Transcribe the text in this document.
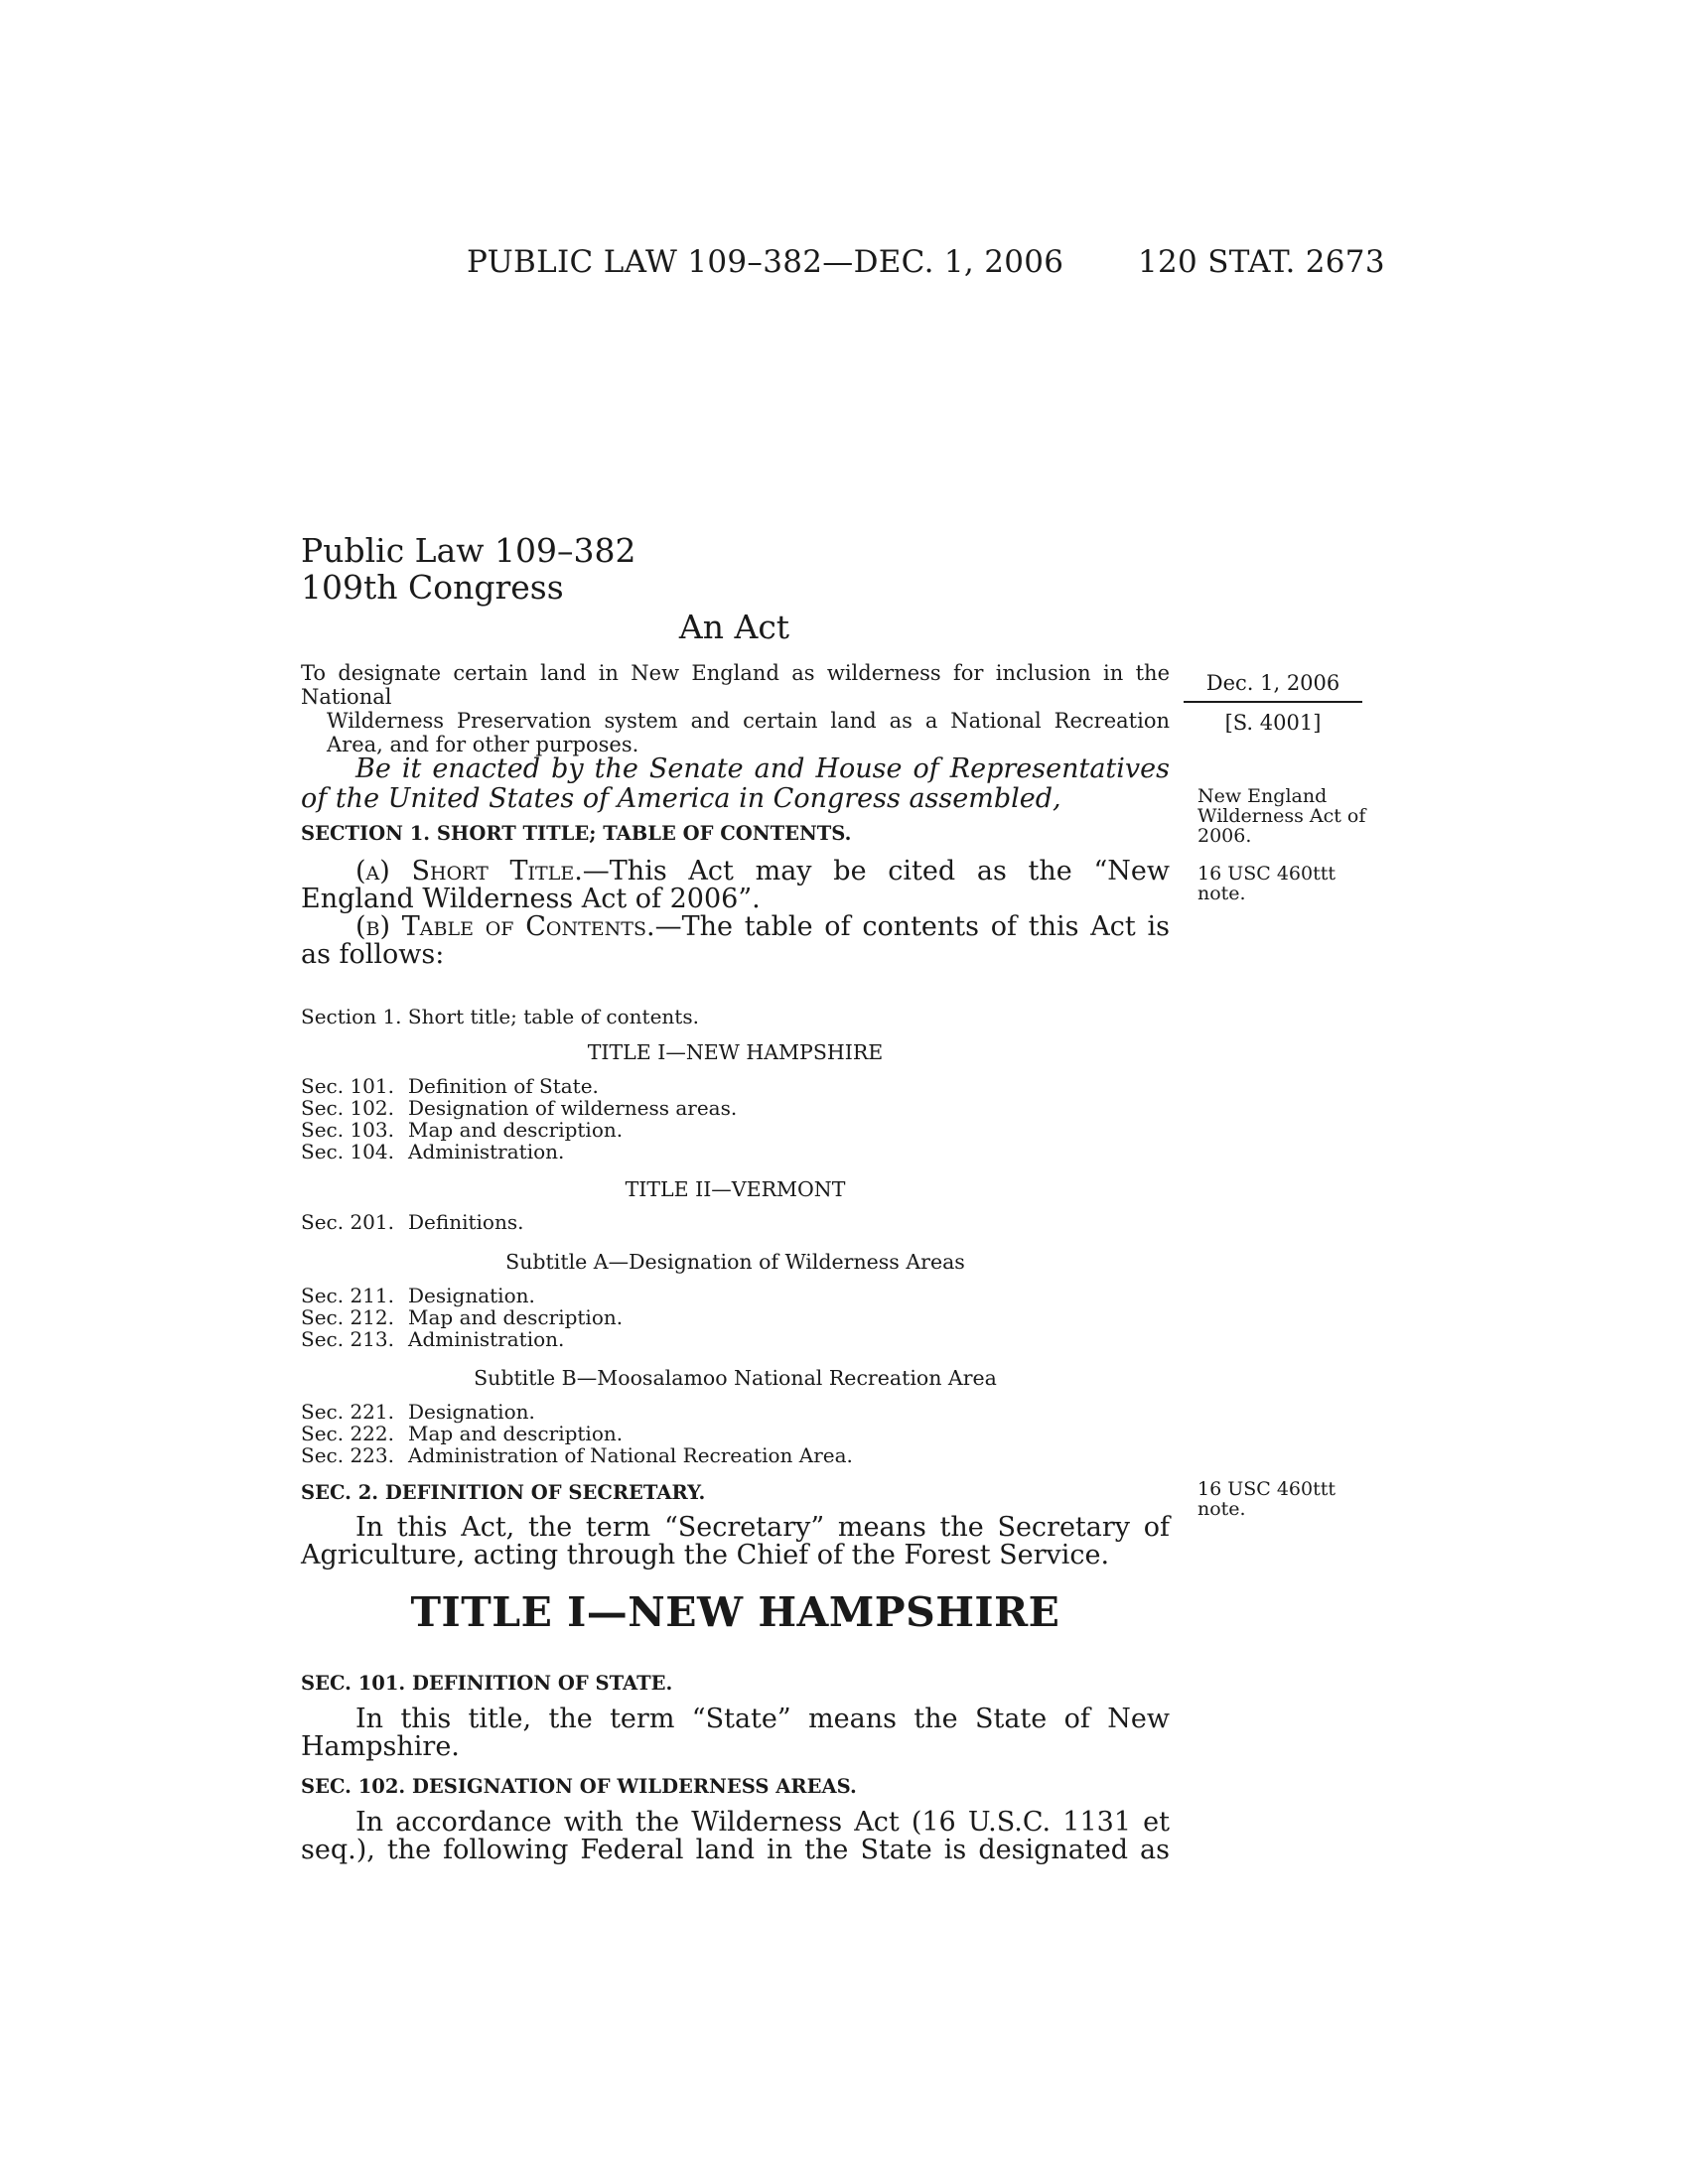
PUBLIC LAW 109–382—DEC. 1, 2006 120 STAT. 2673
Public Law 109–382
109th Congress
An Act
To designate certain land in New England as wilderness for inclusion in the National
Wilderness Preservation system and certain land as a National Recreation Area, and for other purposes.
Dec. 1, 2006
[S. 4001]
Be it enacted by the Senate and House of Representatives of the United States of America in Congress assembled,
SECTION 1. SHORT TITLE; TABLE OF CONTENTS.
New England Wilderness Act of 2006.
16 USC 460ttt note.
(a) Short Title.—This Act may be cited as the “New England Wilderness Act of 2006”.
(b) Table of Contents.—The table of contents of this Act is as follows:
Section 1. Short title; table of contents.
TITLE I—NEW HAMPSHIRE
Sec. 101. Definition of State.
Sec. 102. Designation of wilderness areas.
Sec. 103. Map and description.
Sec. 104. Administration.
TITLE II—VERMONT
Sec. 201. Definitions.
Subtitle A—Designation of Wilderness Areas
Sec. 211. Designation.
Sec. 212. Map and description.
Sec. 213. Administration.
Subtitle B—Moosalamoo National Recreation Area
Sec. 221. Designation.
Sec. 222. Map and description.
Sec. 223. Administration of National Recreation Area.
SEC. 2. DEFINITION OF SECRETARY.	16 USC 460ttt note.
In this Act, the term “Secretary” means the Secretary of Agriculture, acting through the Chief of the Forest Service.
TITLE I—NEW HAMPSHIRE
SEC. 101. DEFINITION OF STATE.
In this title, the term “State” means the State of New Hampshire.
SEC. 102. DESIGNATION OF WILDERNESS AREAS.
In accordance with the Wilderness Act (16 U.S.C. 1131 et seq.), the following Federal land in the State is designated as
